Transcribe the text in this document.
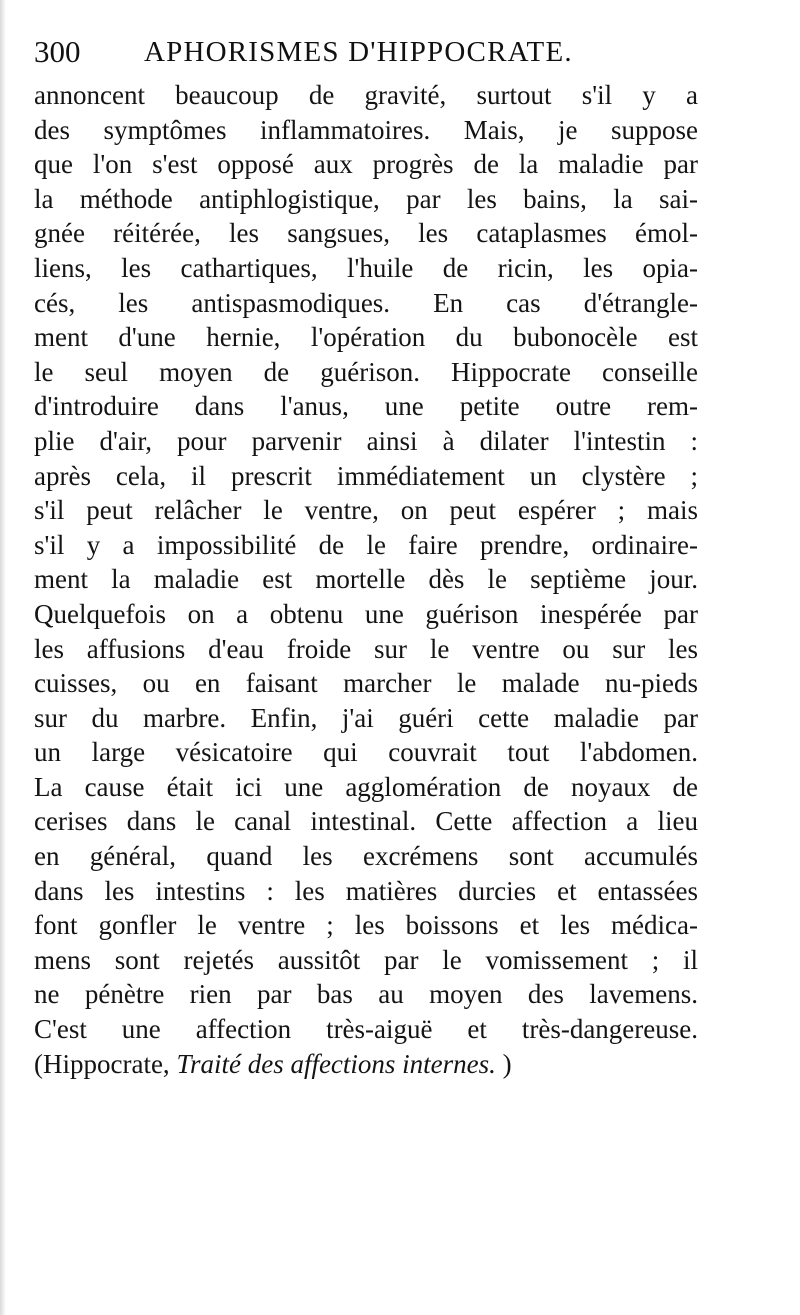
300 APHORISMES D'HIPPOCRATE.
annoncent beaucoup de gravité, surtout s'il y a
des symptômes inflammatoires. Mais, je suppose
que l'on s'est opposé aux progrès de la maladie par
la méthode antiphlogistique, par les bains, la sai-
gnée réitérée, les sangsues, les cataplasmes émol-
liens, les cathartiques, l'huile de ricin, les opia-
cés, les antispasmodiques. En cas d'étrangle-
ment d'une hernie, l'opération du bubonocèle est
le seul moyen de guérison. Hippocrate conseille
d'introduire dans l'anus, une petite outre rem-
plie d'air, pour parvenir ainsi à dilater l'intestin :
après cela, il prescrit immédiatement un clystère ;
s'il peut relâcher le ventre, on peut espérer ; mais
s'il y a impossibilité de le faire prendre, ordinaire-
ment la maladie est mortelle dès le septième jour.
Quelquefois on a obtenu une guérison inespérée par
les affusions d'eau froide sur le ventre ou sur les
cuisses, ou en faisant marcher le malade nu-pieds
sur du marbre. Enfin, j'ai guéri cette maladie par
un large vésicatoire qui couvrait tout l'abdomen.
La cause était ici une agglomération de noyaux de
cerises dans le canal intestinal. Cette affection a lieu
en général, quand les excrémens sont accumulés
dans les intestins : les matières durcies et entassées
font gonfler le ventre ; les boissons et les médica-
mens sont rejetés aussitôt par le vomissement ; il
ne pénètre rien par bas au moyen des lavemens.
C'est une affection très-aiguë et très-dangereuse.
(Hippocrate, Traité des affections internes. )
